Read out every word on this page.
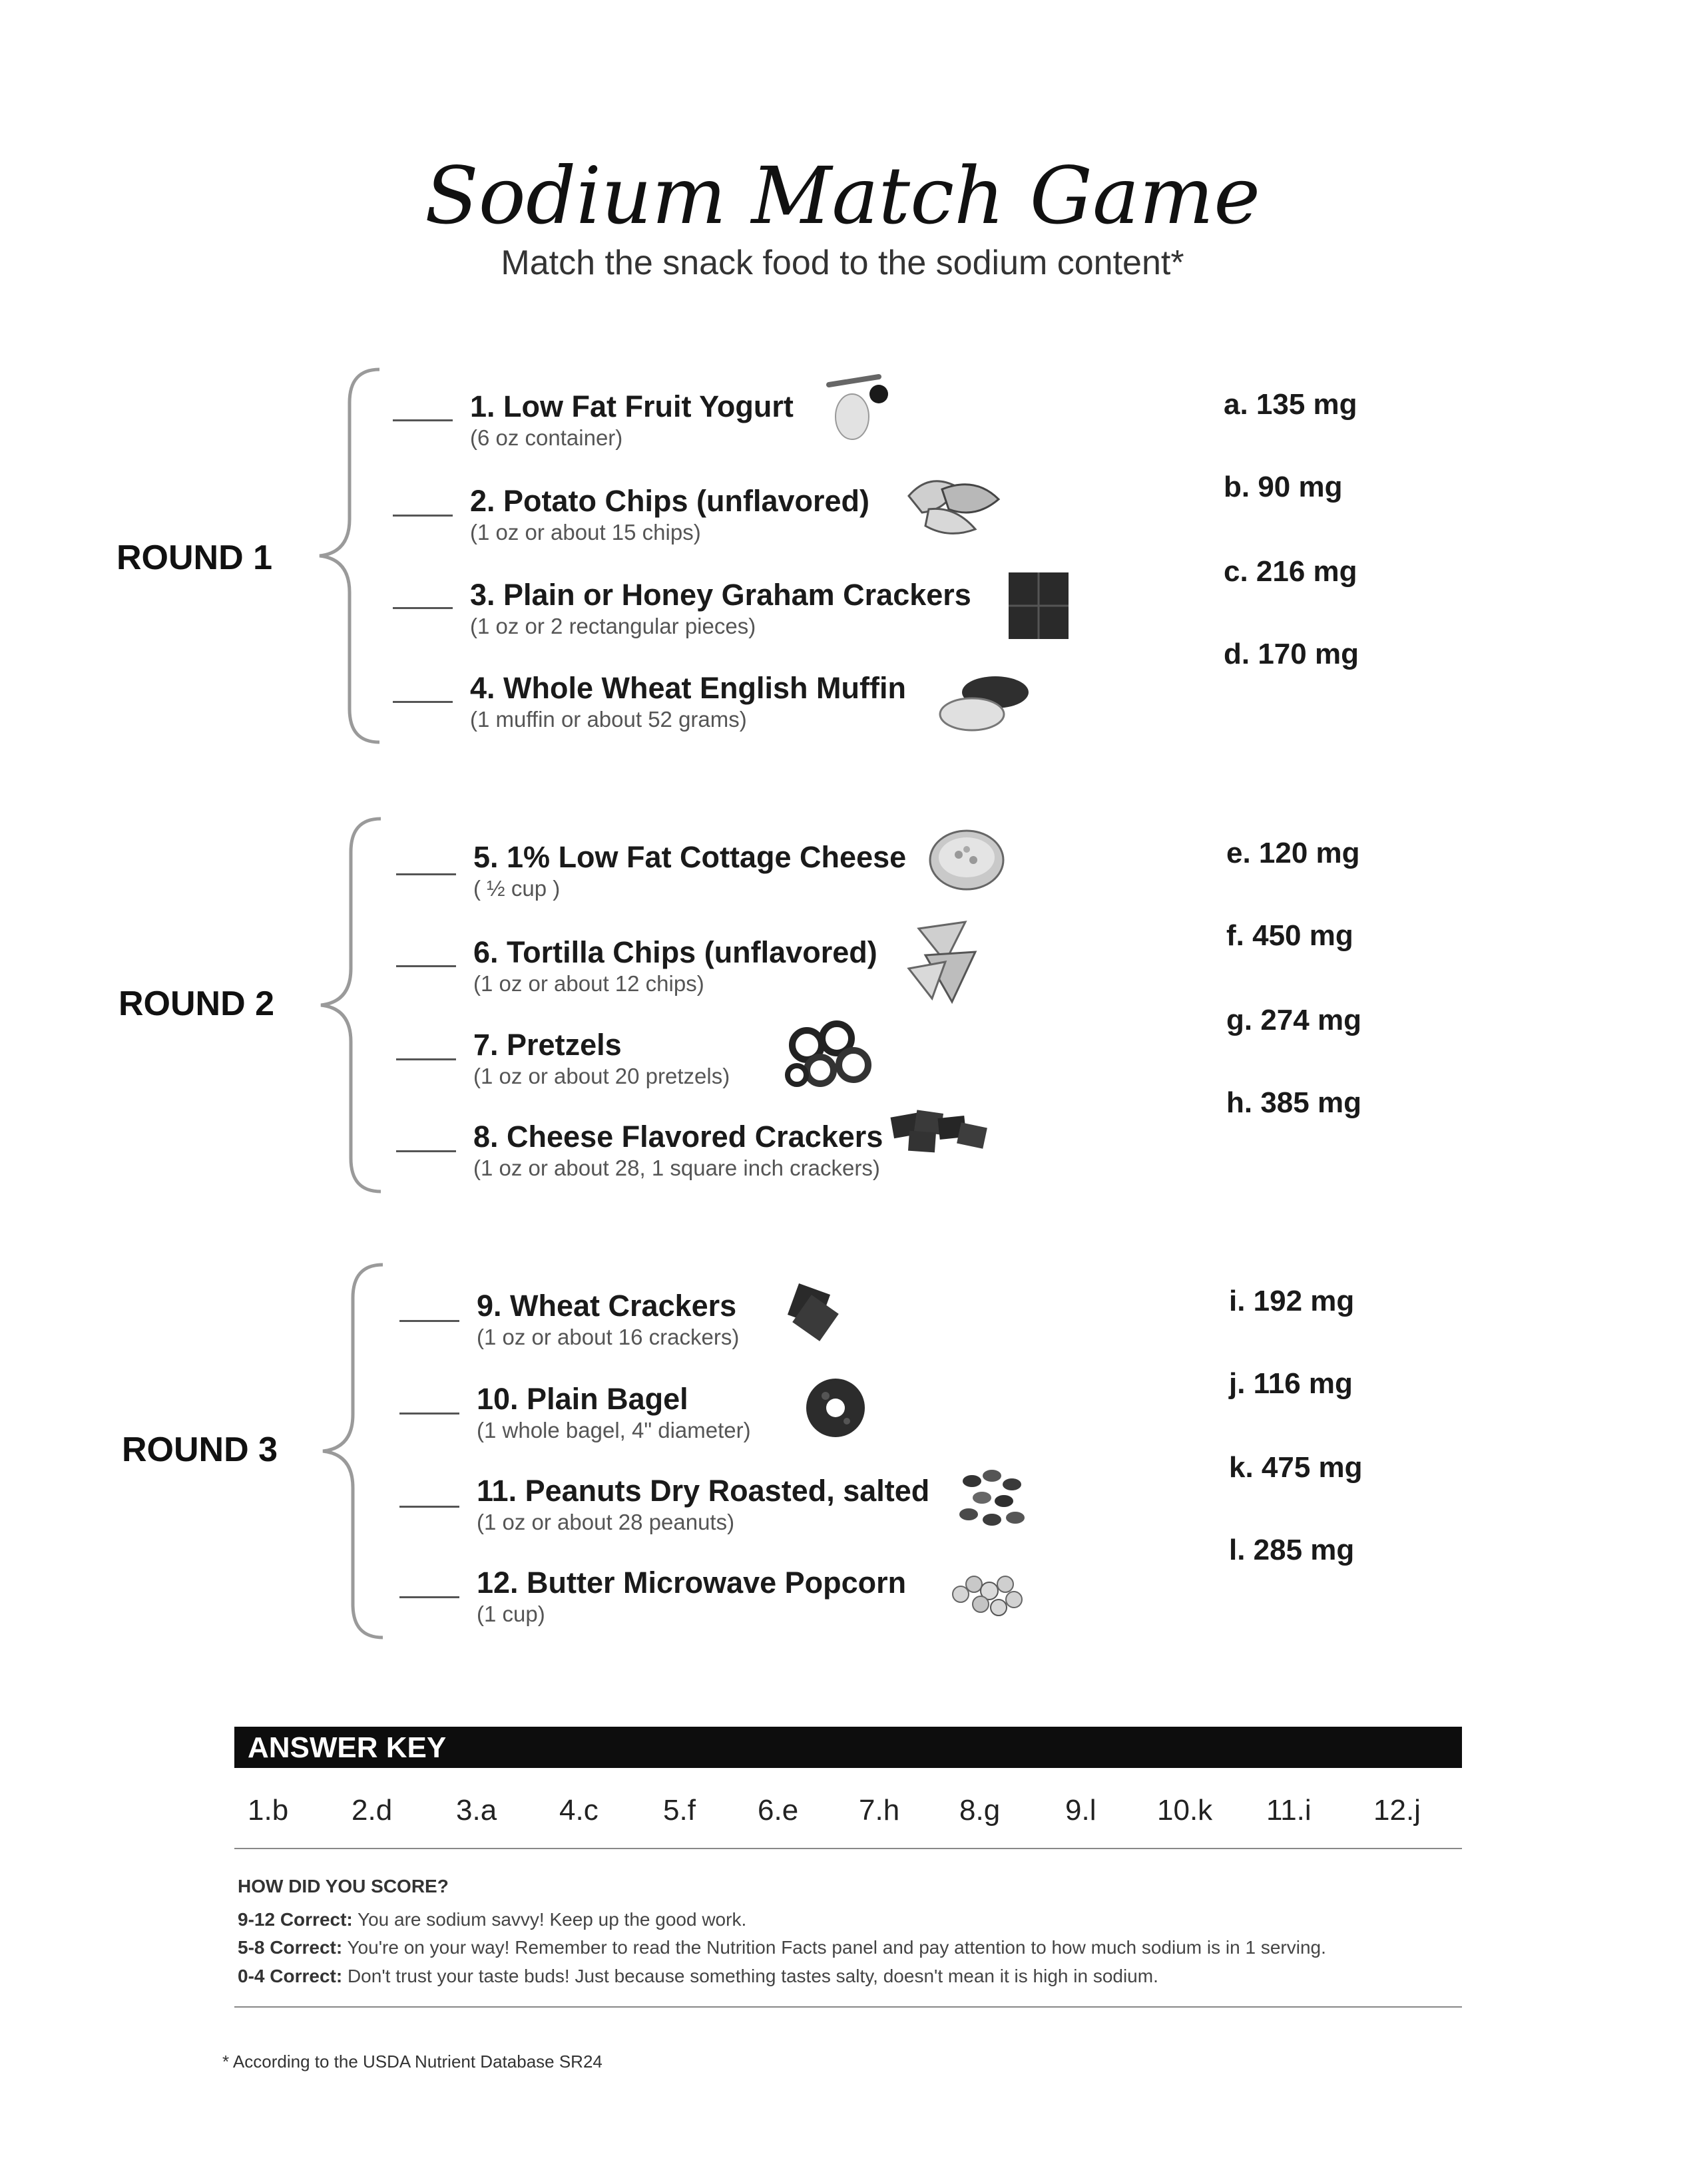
Sodium Match Game
Match the snack food to the sodium content*
ROUND 1
1. Low Fat Fruit Yogurt
(6 oz container)
2. Potato Chips (unflavored)
(1 oz or about 15 chips)
3. Plain or Honey Graham Crackers
(1 oz or 2 rectangular pieces)
4. Whole Wheat English Muffin
(1 muffin or about 52 grams)
a. 135 mg
b. 90 mg
c. 216 mg
d. 170 mg
ROUND 2
5. 1% Low Fat Cottage Cheese
( ½ cup )
6. Tortilla Chips (unflavored)
(1 oz or about 12 chips)
7. Pretzels
(1 oz or about 20 pretzels)
8. Cheese Flavored Crackers
(1 oz or about 28, 1 square inch crackers)
e. 120 mg
f. 450 mg
g. 274 mg
h. 385 mg
ROUND 3
9. Wheat Crackers
(1 oz or about 16 crackers)
10. Plain Bagel
(1 whole bagel, 4" diameter)
11. Peanuts Dry Roasted, salted
(1 oz or about 28 peanuts)
12. Butter Microwave Popcorn
(1 cup)
i. 192 mg
j. 116 mg
k. 475 mg
l. 285 mg
ANSWER KEY
1.b 2.d 3.a 4.c 5.f 6.e 7.h 8.g 9.l 10.k 11.i 12.j
HOW DID YOU SCORE?
9-12 Correct: You are sodium savvy! Keep up the good work.
5-8 Correct: You're on your way! Remember to read the Nutrition Facts panel and pay attention to how much sodium is in 1 serving.
0-4 Correct: Don't trust your taste buds! Just because something tastes salty, doesn't mean it is high in sodium.
* According to the USDA Nutrient Database SR24
